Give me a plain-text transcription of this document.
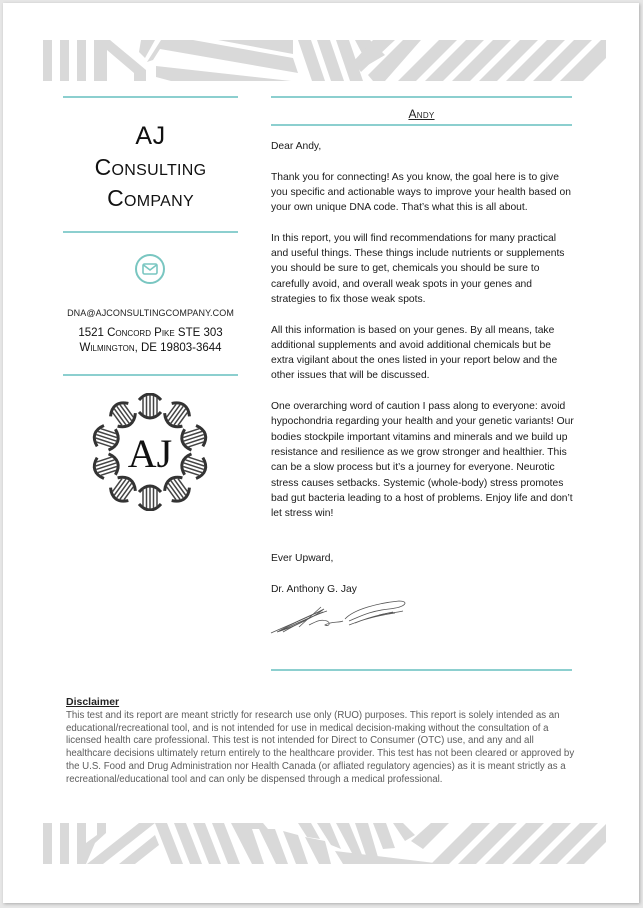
AJ
Consulting
Company
DNA@AJCONSULTINGCOMPANY.COM
1521 Concord Pike STE 303
Wilmington, DE 19803-3644
AJ
Andy

Dear Andy,

Thank you for connecting! As you know, the goal here is to give you specific and actionable ways to improve your health based on your own unique DNA code. That’s what this is all about.

In this report, you will find recommendations for many practical and useful things. These things include nutrients or supplements you should be sure to get, chemicals you should be sure to carefully avoid, and overall weak spots in your genes and strategies to fix those weak spots.

All this information is based on your genes. By all means, take additional supplements and avoid additional chemicals but be extra vigilant about the ones listed in your report below and the other issues that will be discussed.

One overarching word of caution I pass along to everyone: avoid hypochondria regarding your health and your genetic variants! Our bodies stockpile important vitamins and minerals and we build up resistance and resilience as we grow stronger and healthier. This can be a slow process but it’s a journey for everyone. Neurotic stress causes setbacks. Systemic (whole-body) stress promotes bad gut bacteria leading to a host of problems. Enjoy life and don’t let stress win!

Ever Upward,

Dr. Anthony G. Jay

Disclaimer
This test and its report are meant strictly for research use only (RUO) purposes. This report is solely intended as an educational/recreational tool, and is not intended for use in medical decision-making without the consultation of a licensed health care professional. This test is not intended for Direct to Consumer (OTC) use, and any and all healthcare decisions ultimately return entirely to the healthcare provider. This test has not been cleared or approved by the U.S. Food and Drug Administration nor Health Canada (or afliated regulatory agencies) as it is meant strictly as a recreational/educational tool and can only be dispensed through a medical professional.
